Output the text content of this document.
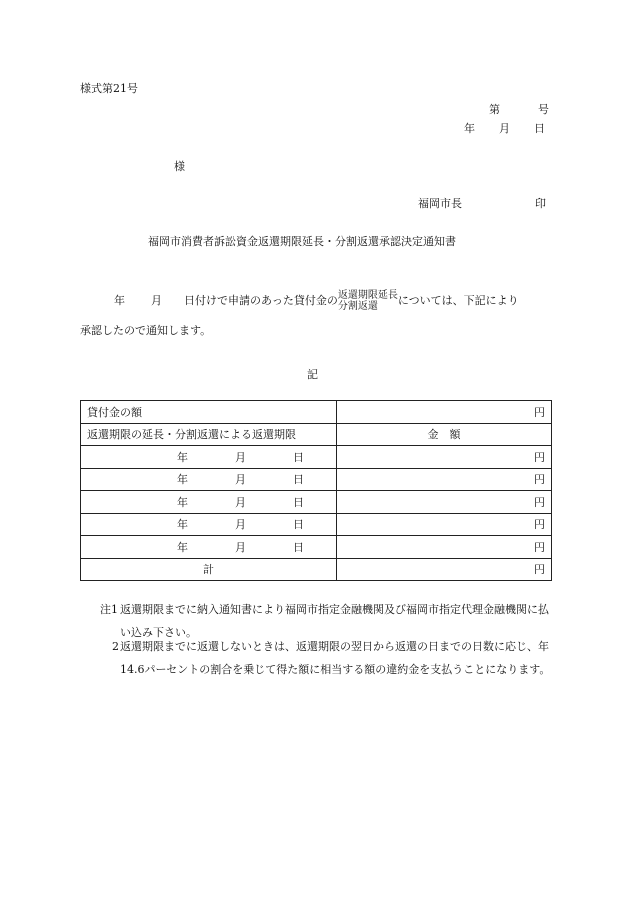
様式第21号
第	号
年 月 日
様
福岡市長	印
福岡市消費者訴訟資金返還期限延長・分割返還承認決定通知書
年 月 日付けで申請のあった貸付金の 返還期限延長
分割返還	については、下記により
承認したので通知します。
記
貸付金の額	円
返還期限の延長・分割返還による返還期限	金　額

年 月 日	円

年 月 日	円

年 月 日	円

年 月 日	円

年 月 日	円
計	円
注1 返還期限までに納入通知書により福岡市指定金融機関及び福岡市指定代理金融機関に払い込み下さい。
2 返還期限までに返還しないときは、返還期限の翌日から返還の日までの日数に応じ、年14.6パーセントの割合を乗じて得た額に相当する額の違約金を支払うことになります。
